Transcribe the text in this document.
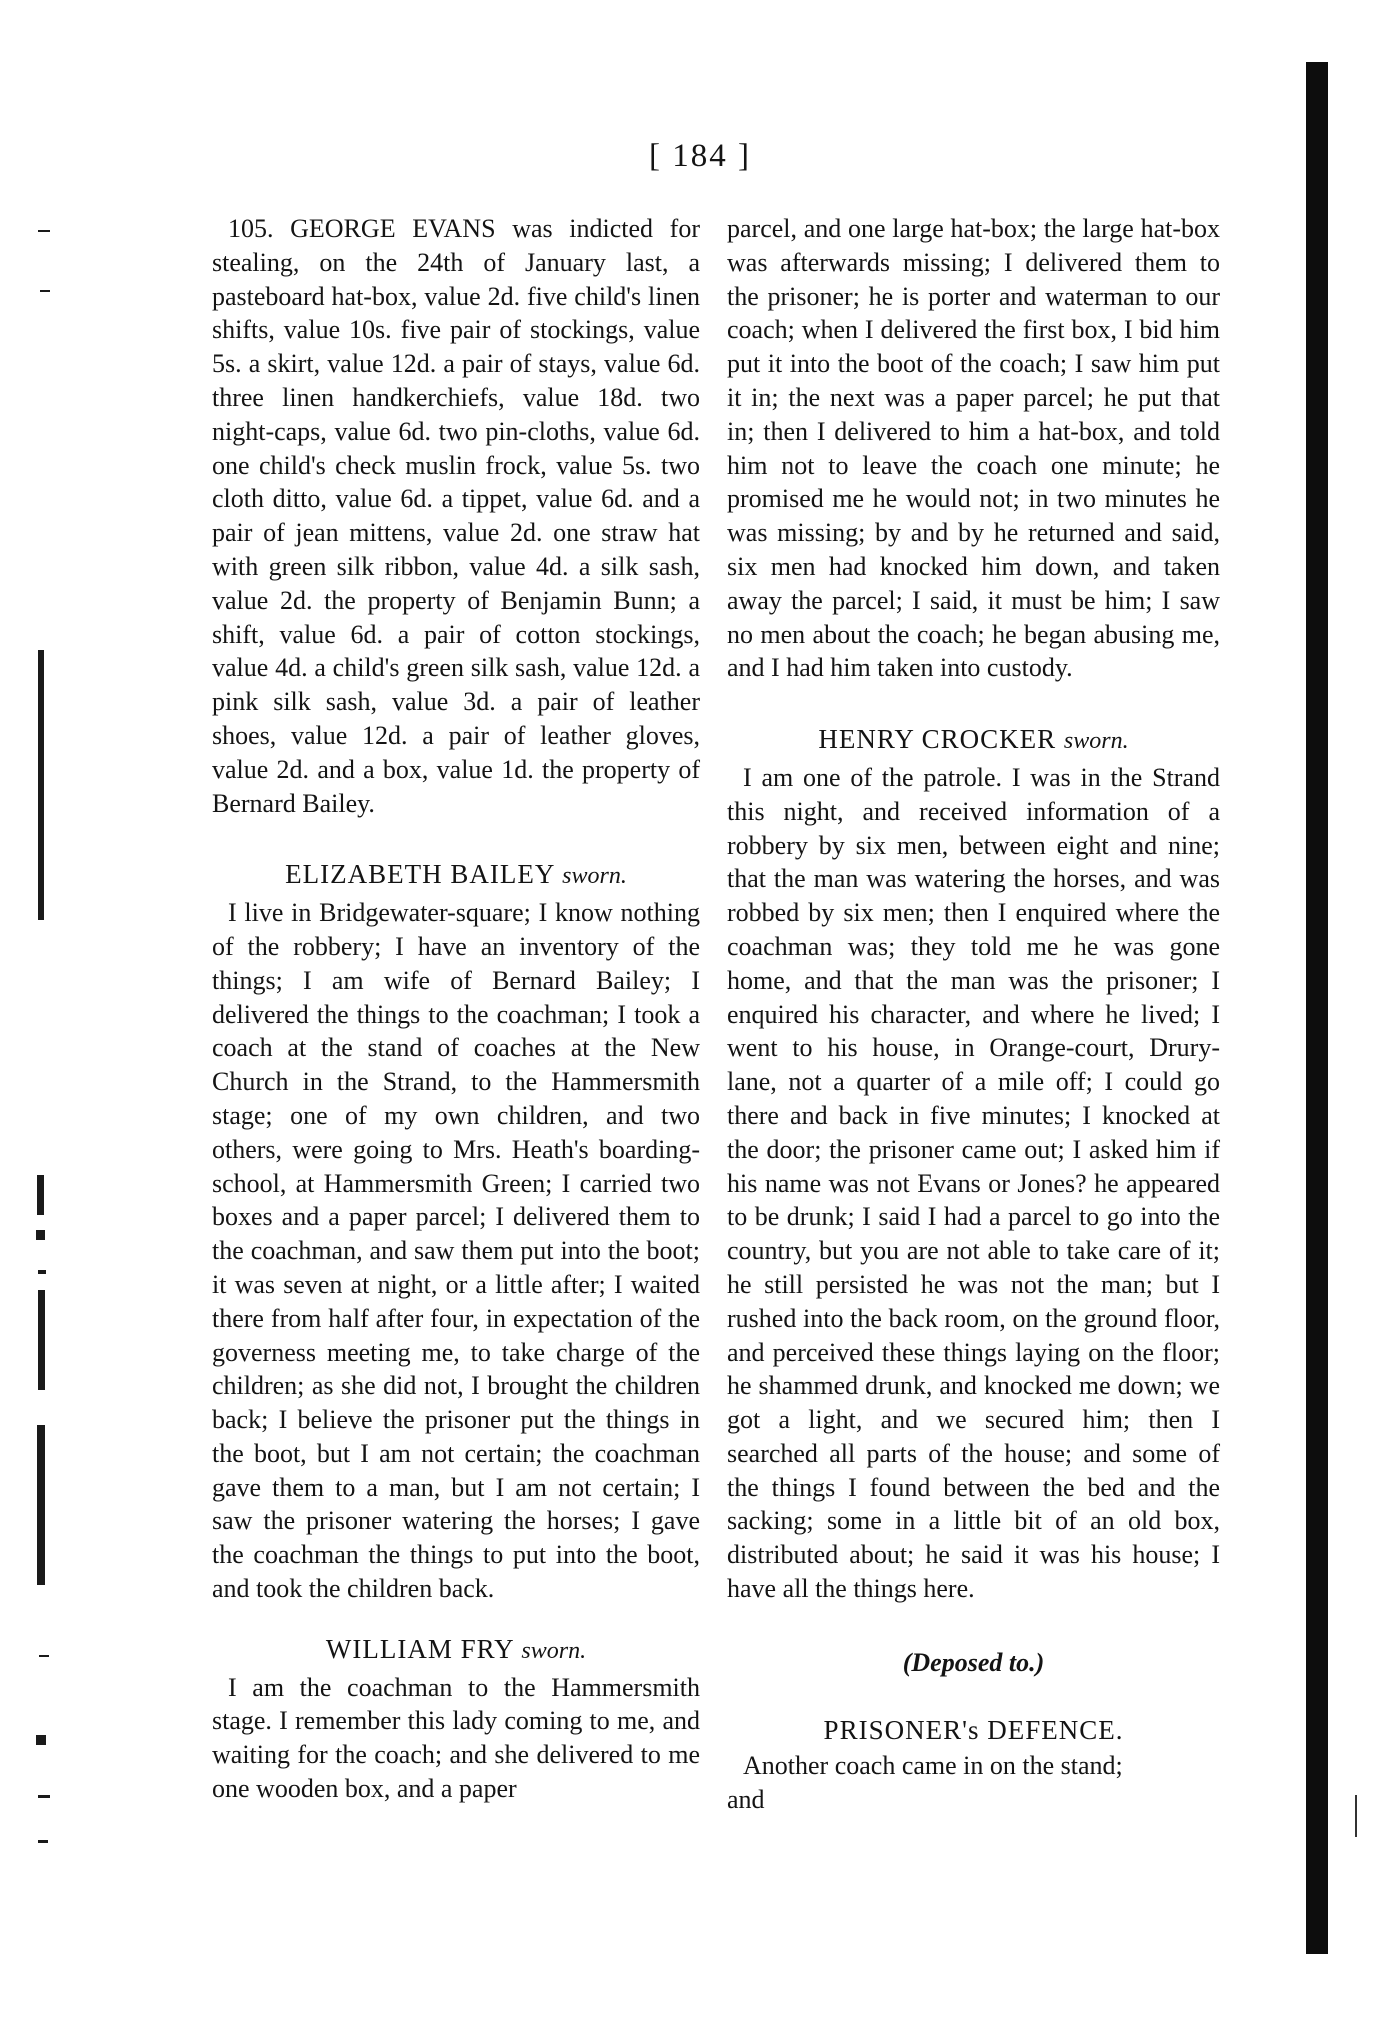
[ 184 ]

105. GEORGE EVANS was indicted for stealing, on the 24th of January last, a pasteboard hat-box, value 2d. five child's linen shifts, value 10s. five pair of stockings, value 5s. a skirt, value 12d. a pair of stays, value 6d. three linen handkerchiefs, value 18d. two night-caps, value 6d. two pin-cloths, value 6d. one child's check muslin frock, value 5s. two cloth ditto, value 6d. a tippet, value 6d. and a pair of jean mittens, value 2d. one straw hat with green silk ribbon, value 4d. a silk sash, value 2d. the property of Benjamin Bunn; a shift, value 6d. a pair of cotton stockings, value 4d. a child's green silk sash, value 12d. a pink silk sash, value 3d. a pair of leather shoes, value 12d. a pair of leather gloves, value 2d. and a box, value 1d. the property of Bernard Bailey.

ELIZABETH BAILEY sworn.

I live in Bridgewater-square; I know nothing of the robbery; I have an inventory of the things; I am wife of Bernard Bailey; I delivered the things to the coachman; I took a coach at the stand of coaches at the New Church in the Strand, to the Hammersmith stage; one of my own children, and two others, were going to Mrs. Heath's boarding-school, at Hammersmith Green; I carried two boxes and a paper parcel; I delivered them to the coachman, and saw them put into the boot; it was seven at night, or a little after; I waited there from half after four, in expectation of the governess meeting me, to take charge of the children; as she did not, I brought the children back; I believe the prisoner put the things in the boot, but I am not certain; the coachman gave them to a man, but I am not certain; I saw the prisoner watering the horses; I gave the coachman the things to put into the boot, and took the children back.

WILLIAM FRY sworn.

I am the coachman to the Hammersmith stage. I remember this lady coming to me, and waiting for the coach; and she delivered to me one wooden box, and a paper

parcel, and one large hat-box; the large hat-box was afterwards missing; I delivered them to the prisoner; he is porter and waterman to our coach; when I delivered the first box, I bid him put it into the boot of the coach; I saw him put it in; the next was a paper parcel; he put that in; then I delivered to him a hat-box, and told him not to leave the coach one minute; he promised me he would not; in two minutes he was missing; by and by he returned and said, six men had knocked him down, and taken away the parcel; I said, it must be him; I saw no men about the coach; he began abusing me, and I had him taken into custody.

HENRY CROCKER sworn.

I am one of the patrole. I was in the Strand this night, and received information of a robbery by six men, between eight and nine; that the man was watering the horses, and was robbed by six men; then I enquired where the coachman was; they told me he was gone home, and that the man was the prisoner; I enquired his character, and where he lived; I went to his house, in Orange-court, Drury-lane, not a quarter of a mile off; I could go there and back in five minutes; I knocked at the door; the prisoner came out; I asked him if his name was not Evans or Jones? he appeared to be drunk; I said I had a parcel to go into the country, but you are not able to take care of it; he still persisted he was not the man; but I rushed into the back room, on the ground floor, and perceived these things laying on the floor; he shammed drunk, and knocked me down; we got a light, and we secured him; then I searched all parts of the house; and some of the things I found between the bed and the sacking; some in a little bit of an old box, distributed about; he said it was his house; I have all the things here.

(Deposed to.)
PRISONER's DEFENCE.

Another coach came in on the stand;

and
